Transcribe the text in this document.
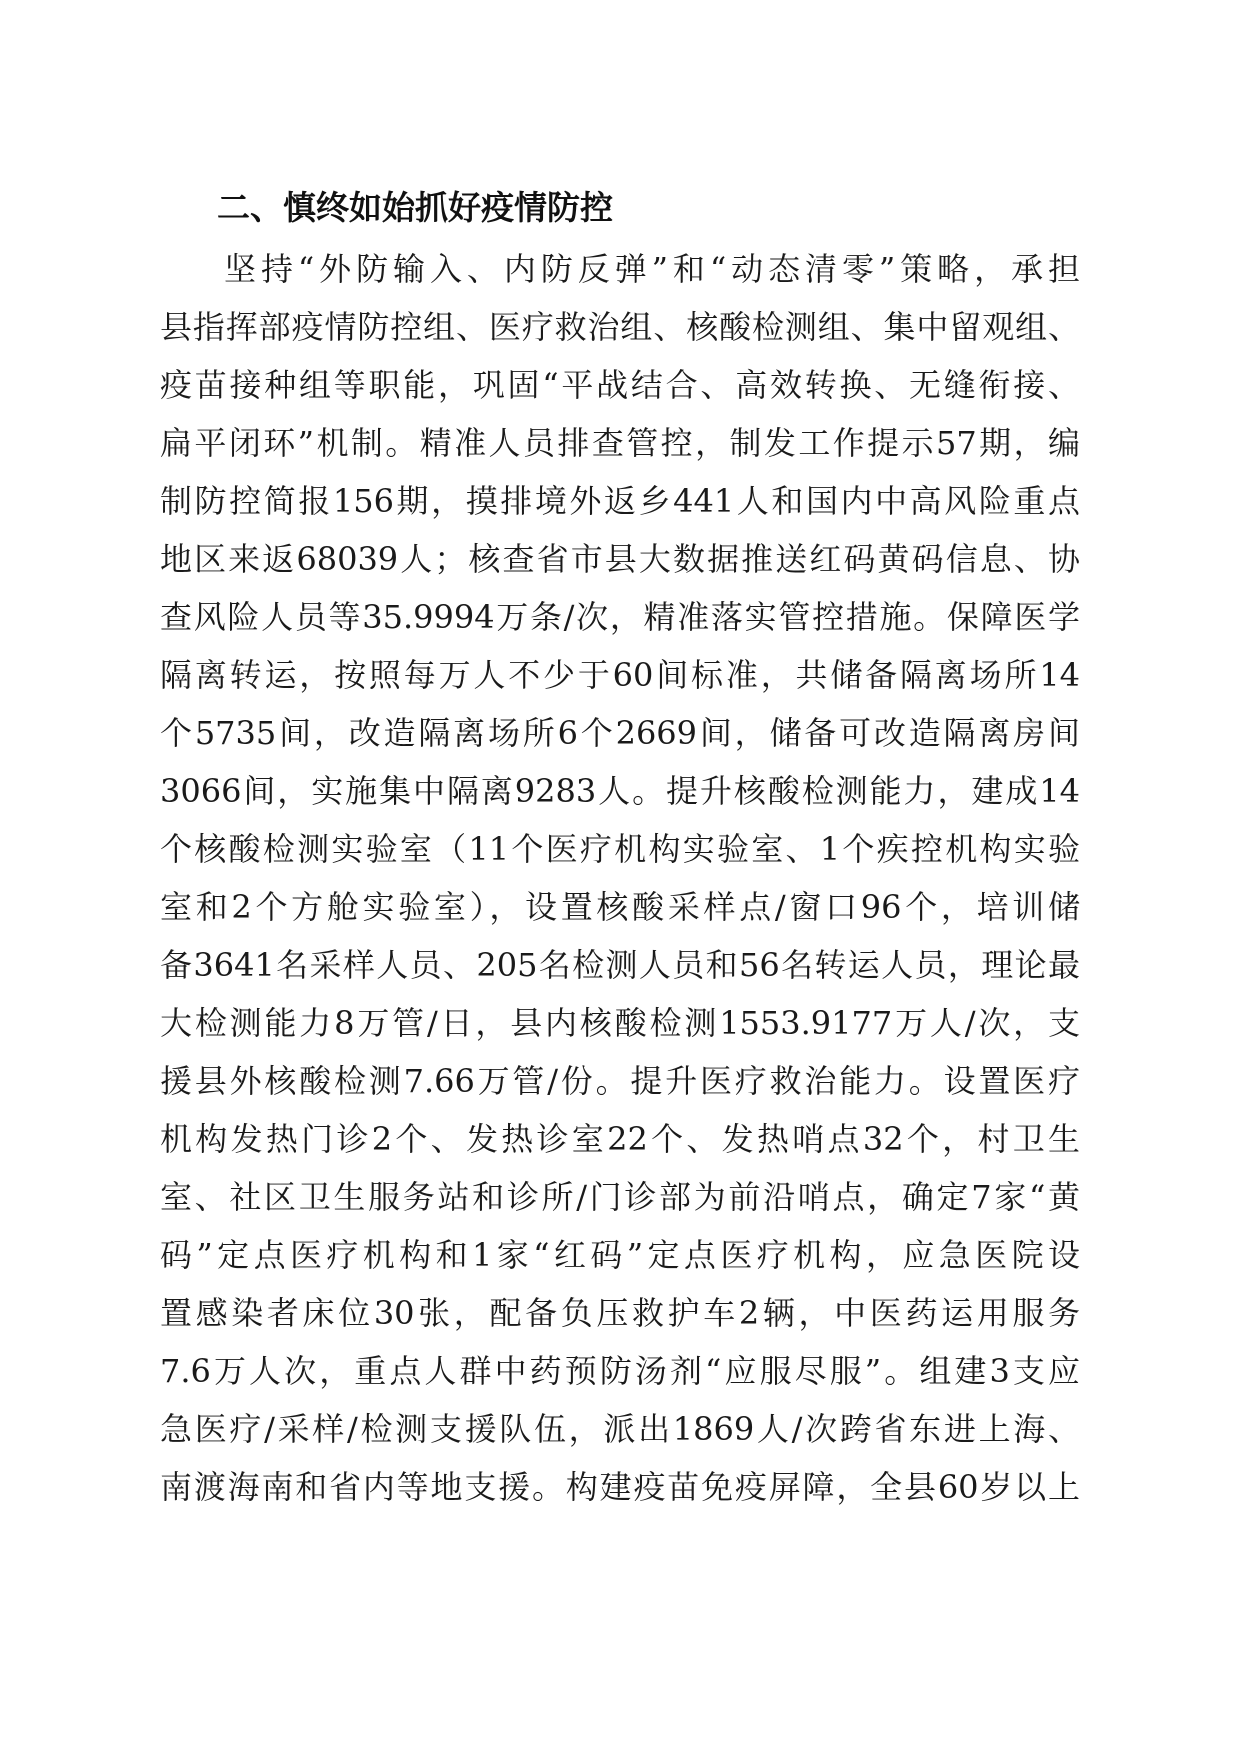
二、慎终如始抓好疫情防控
坚持“外防输入、内防反弹”和“动态清零”策略，承担
县指挥部疫情防控组、医疗救治组、核酸检测组、集中留观组、
疫苗接种组等职能，巩固“平战结合、高效转换、无缝衔接、
扁平闭环”机制。精准人员排查管控，制发工作提示57期，编
制防控简报156期，摸排境外返乡441人和国内中高风险重点
地区来返68039人；核查省市县大数据推送红码黄码信息、协
查风险人员等35.9994万条/次，精准落实管控措施。保障医学
隔离转运，按照每万人不少于60间标准，共储备隔离场所14
个5735间，改造隔离场所6个2669间，储备可改造隔离房间
3066间，实施集中隔离9283人。提升核酸检测能力，建成14
个核酸检测实验室（11个医疗机构实验室、1个疾控机构实验
室和2个方舱实验室），设置核酸采样点/窗口96个，培训储
备3641名采样人员、205名检测人员和56名转运人员，理论最
大检测能力8万管/日，县内核酸检测1553.9177万人/次，支
援县外核酸检测7.66万管/份。提升医疗救治能力。设置医疗
机构发热门诊2个、发热诊室22个、发热哨点32个，村卫生
室、社区卫生服务站和诊所/门诊部为前沿哨点，确定7家“黄
码”定点医疗机构和1家“红码”定点医疗机构，应急医院设
置感染者床位30张，配备负压救护车2辆，中医药运用服务
7.6万人次，重点人群中药预防汤剂“应服尽服”。组建3支应
急医疗/采样/检测支援队伍，派出1869人/次跨省东进上海、
南渡海南和省内等地支援。构建疫苗免疫屏障，全县60岁以上
